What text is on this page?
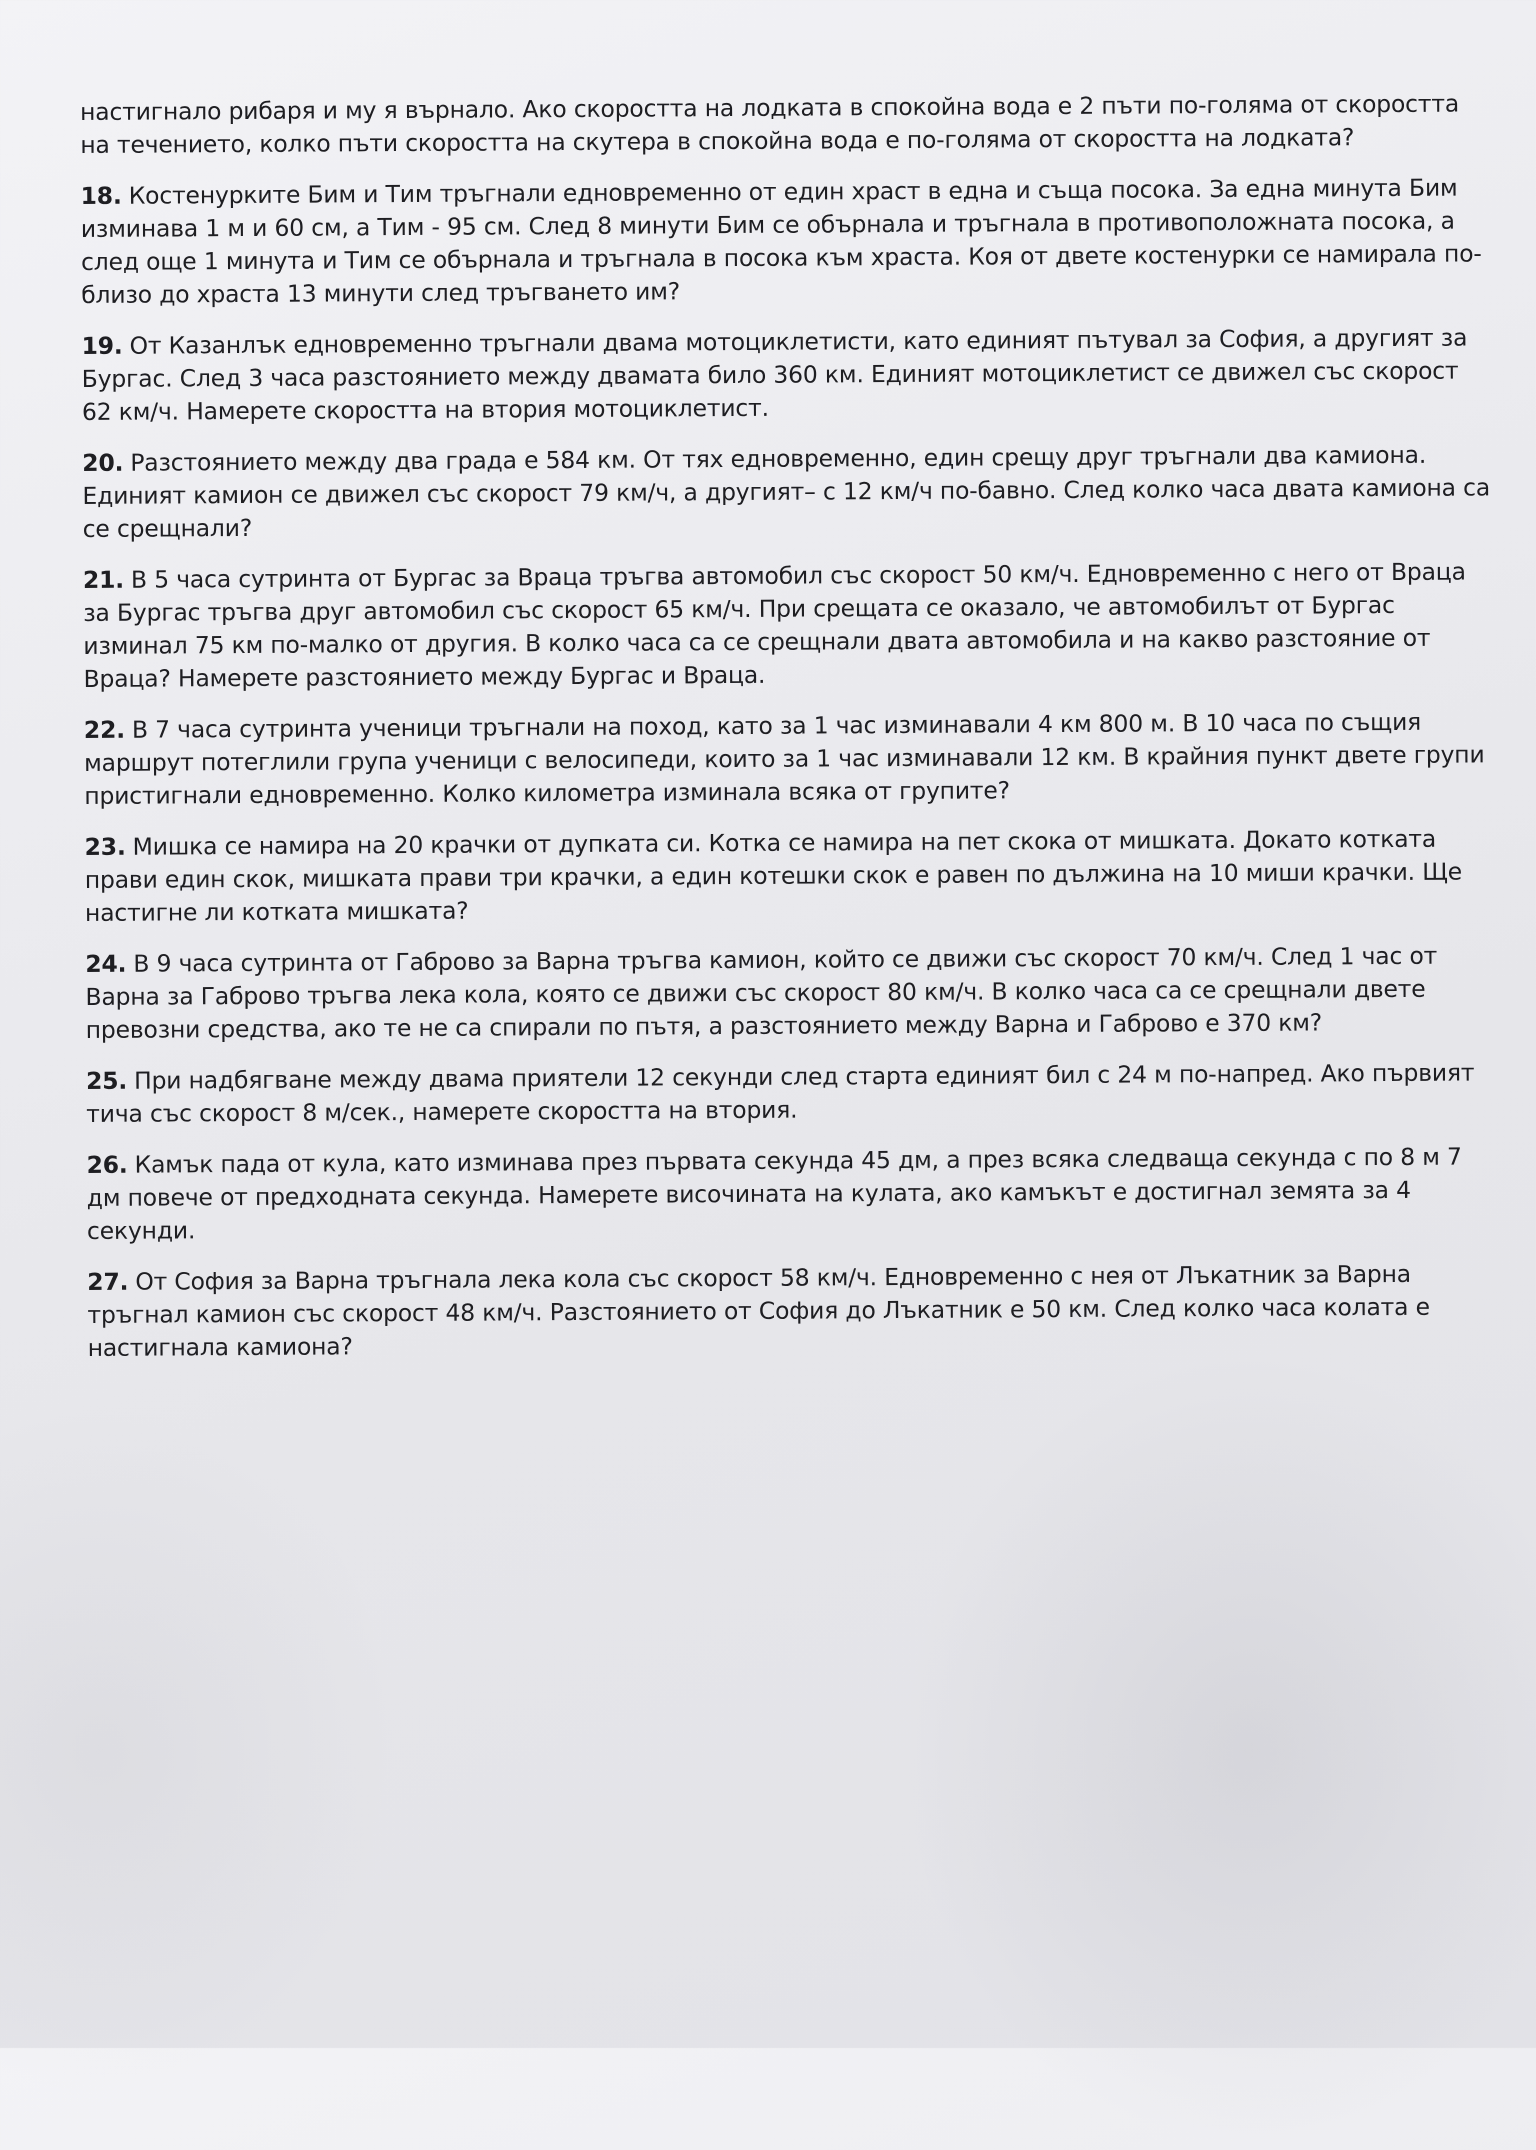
настигнало рибаря и му я върнало. Ако скоростта на лодката в спокойна вода е 2 пъти по-голяма от скоростта на течението, колко пъти скоростта на скутера в спокойна вода е по-голяма от скоростта на лодката?

18. Костенурките Бим и Тим тръгнали едновременно от един храст в една и съща посока. За една минута Бим изминава 1 м и 60 см, а Тим - 95 см. След 8 минути Бим се обърнала и тръгнала в противоположната посока, а след още 1 минута и Тим се обърнала и тръгнала в посока към храста. Коя от двете костенурки се намирала по-близо до храста 13 минути след тръгването им?

19. От Казанлък едновременно тръгнали двама мотоциклетисти, като единият пътувал за София, а другият за Бургас. След 3 часа разстоянието между двамата било 360 км. Единият мотоциклетист се движел със скорост 62 км/ч. Намерете скоростта на втория мотоциклетист.

20. Разстоянието между два града е 584 км. От тях едновременно, един срещу друг тръгнали два камиона. Единият камион се движел със скорост 79 км/ч, а другият– с 12 км/ч по-бавно. След колко часа двата камиона са се срещнали?

21. В 5 часа сутринта от Бургас за Враца тръгва автомобил със скорост 50 км/ч. Едновременно с него от Враца за Бургас тръгва друг автомобил със скорост 65 км/ч. При срещата се оказало, че автомобилът от Бургас изминал 75 км по-малко от другия. В колко часа са се срещнали двата автомобила и на какво разстояние от Враца? Намерете разстоянието между Бургас и Враца.

22. В 7 часа сутринта ученици тръгнали на поход, като за 1 час изминавали 4 км 800 м. В 10 часа по същия маршрут потеглили група ученици с велосипеди, които за 1 час изминавали 12 км. В крайния пункт двете групи пристигнали едновременно. Колко километра изминала всяка от групите?

23. Мишка се намира на 20 крачки от дупката си. Котка се намира на пет скока от мишката. Докато котката прави един скок, мишката прави три крачки, а един котешки скок е равен по дължина на 10 миши крачки. Ще настигне ли котката мишката?

24. В 9 часа сутринта от Габрово за Варна тръгва камион, който се движи със скорост 70 км/ч. След 1 час от Варна за Габрово тръгва лека кола, която се движи със скорост 80 км/ч. В колко часа са се срещнали двете превозни средства, ако те не са спирали по пътя, а разстоянието между Варна и Габрово е 370 км?

25. При надбягване между двама приятели 12 секунди след старта единият бил с 24 м по-напред. Ако първият тича със скорост 8 м/сек., намерете скоростта на втория.

26. Камък пада от кула, като изминава през първата секунда 45 дм, а през всяка следваща секунда с по 8 м 7 дм повече от предходната секунда. Намерете височината на кулата, ако камъкът е достигнал земята за 4 секунди.

27. От София за Варна тръгнала лека кола със скорост 58 км/ч. Едновременно с нея от Лъкатник за Варна тръгнал камион със скорост 48 км/ч. Разстоянието от София до Лъкатник е 50 км. След колко часа колата е настигнала камиона?
